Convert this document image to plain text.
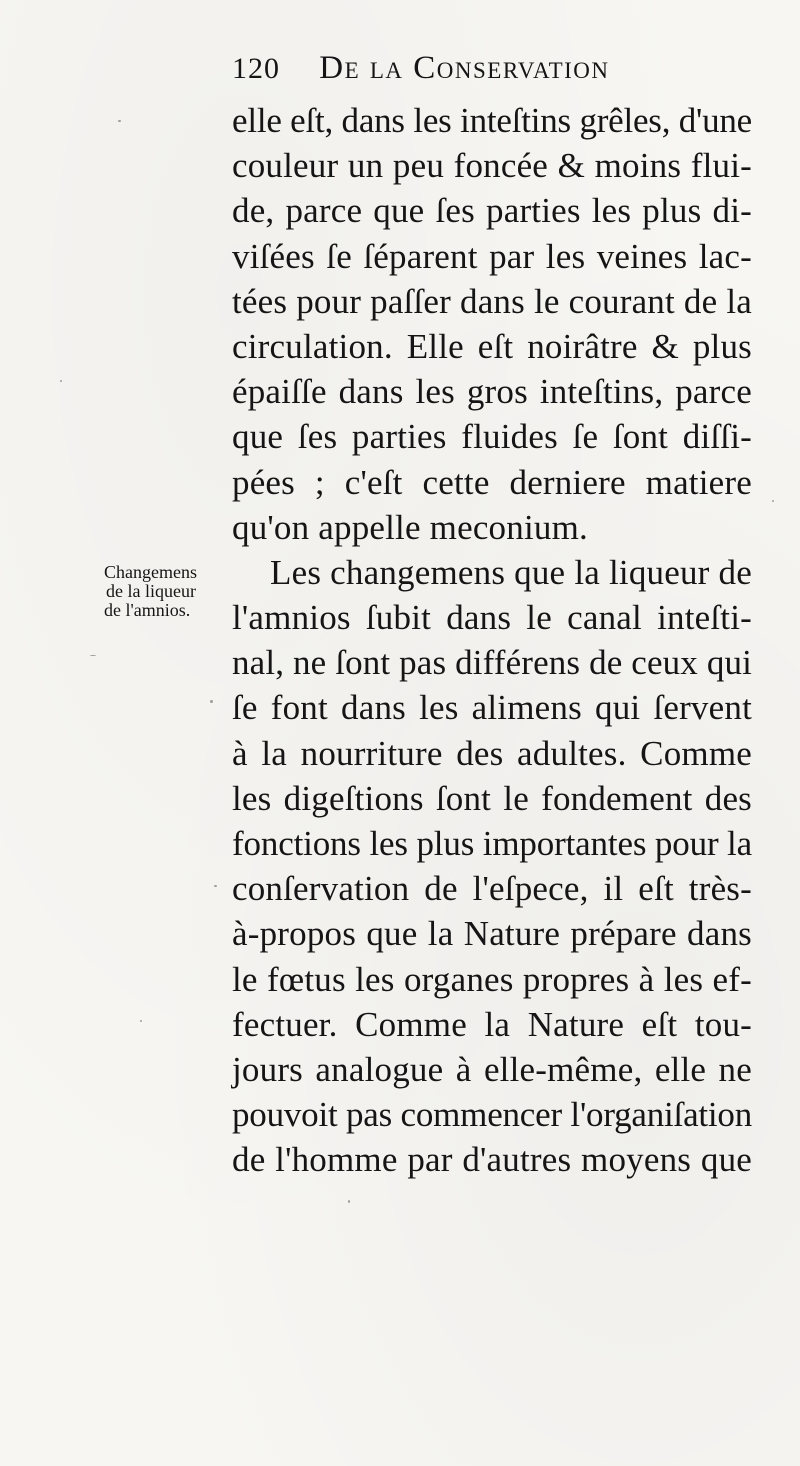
120 De la Conservation
Changemens
de la liqueur
de l'amnios.
elle eſt, dans les inteſtins grêles, d'une
couleur un peu foncée & moins flui-
de, parce que ſes parties les plus di-
viſées ſe ſéparent par les veines lac-
tées pour paſſer dans le courant de la
circulation. Elle eſt noirâtre & plus
épaiſſe dans les gros inteſtins, parce
que ſes parties fluides ſe ſont diſſi-
pées ; c'eſt cette derniere matiere
qu'on appelle meconium.
Les changemens que la liqueur de
l'amnios ſubit dans le canal inteſti-
nal, ne ſont pas différens de ceux qui
ſe font dans les alimens qui ſervent
à la nourriture des adultes. Comme
les digeſtions ſont le fondement des
fonctions les plus importantes pour la
conſervation de l'eſpece, il eſt très-
à-propos que la Nature prépare dans
le fœtus les organes propres à les ef-
fectuer. Comme la Nature eſt tou-
jours analogue à elle-même, elle ne
pouvoit pas commencer l'organiſation
de l'homme par d'autres moyens que
